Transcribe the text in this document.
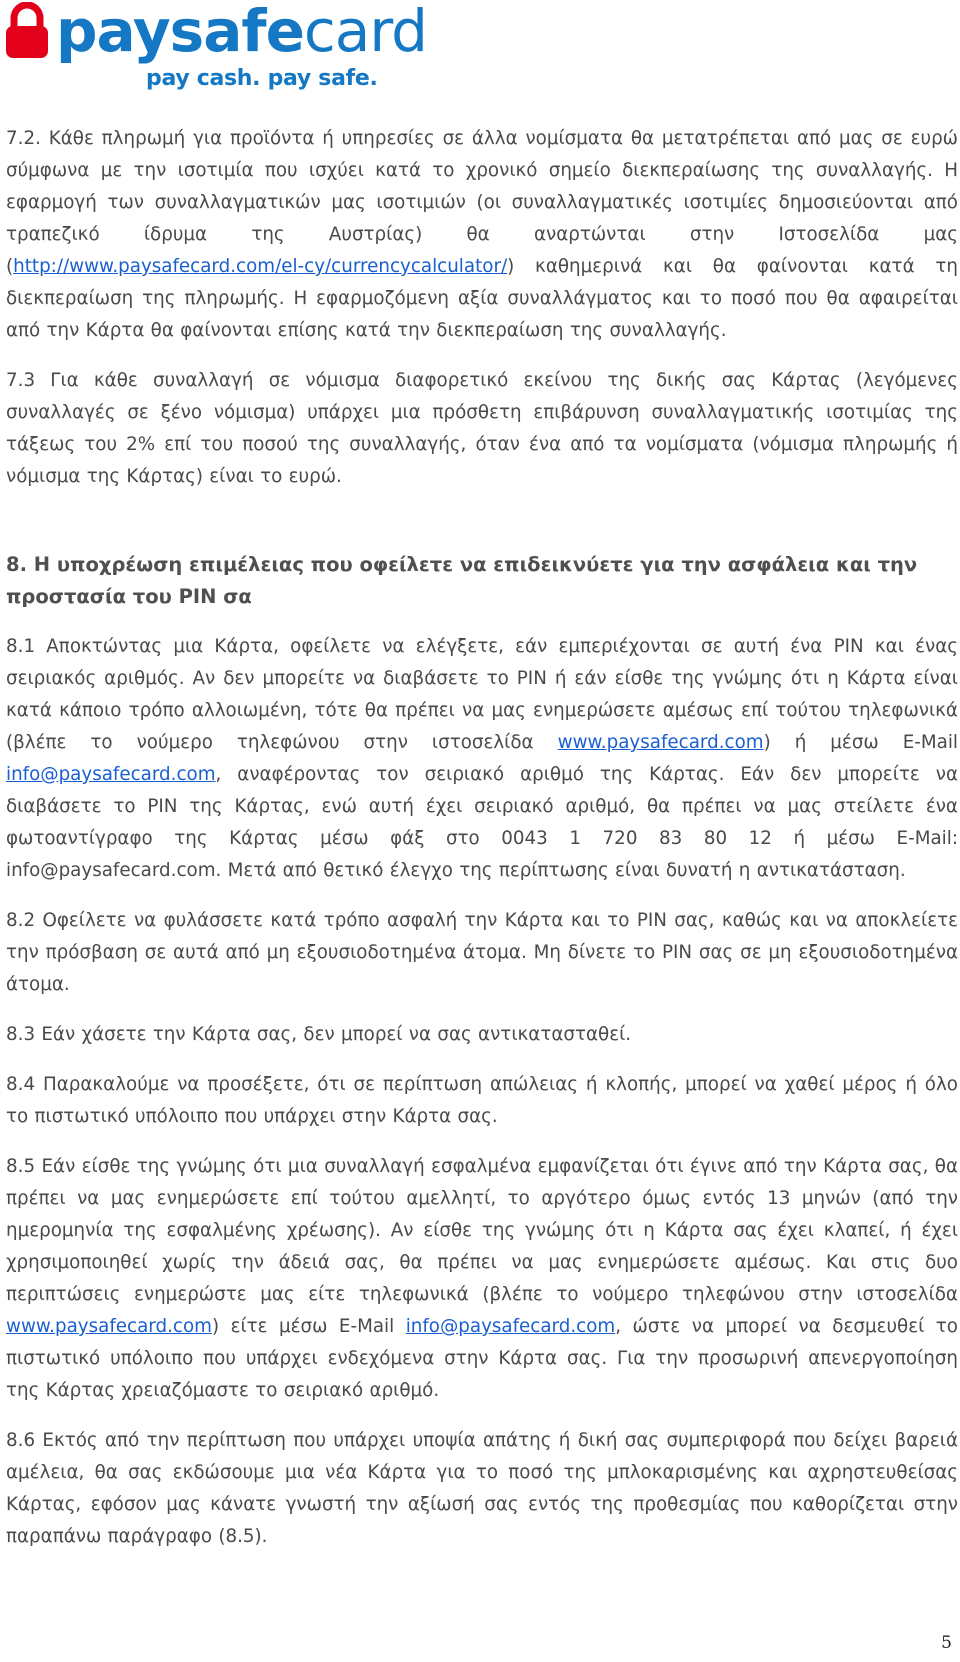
paysafecard
pay cash. pay safe.

7.2. Κάθε πληρωμή για προϊόντα ή υπηρεσίες σε άλλα νομίσματα θα μετατρέπεται από μας σε ευρώ σύμφωνα με την ισοτιμία που ισχύει κατά το χρονικό σημείο διεκπεραίωσης της συναλλαγής. Η εφαρμογή των συναλλαγματικών μας ισοτιμιών (οι συναλλαγματικές ισοτιμίες δημοσιεύονται από τραπεζικό ίδρυμα της Αυστρίας) θα αναρτώνται στην Ιστοσελίδα μας (http://www.paysafecard.com/el-cy/currencycalculator/) καθημερινά και θα φαίνονται κατά τη διεκπεραίωση της πληρωμής. Η εφαρμοζόμενη αξία συναλλάγματος και το ποσό που θα αφαιρείται από την Κάρτα θα φαίνονται επίσης κατά την διεκπεραίωση της συναλλαγής.

7.3 Για κάθε συναλλαγή σε νόμισμα διαφορετικό εκείνου της δικής σας Κάρτας (λεγόμενες συναλλαγές σε ξένο νόμισμα) υπάρχει μια πρόσθετη επιβάρυνση συναλλαγματικής ισοτιμίας της τάξεως του 2% επί του ποσού της συναλλαγής, όταν ένα από τα νομίσματα (νόμισμα πληρωμής ή νόμισμα της Κάρτας) είναι το ευρώ.

8. Η υποχρέωση επιμέλειας που οφείλετε να επιδεικνύετε για την ασφάλεια και την προστασία του PIN σα

8.1 Αποκτώντας μια Κάρτα, οφείλετε να ελέγξετε, εάν εμπεριέχονται σε αυτή ένα PIN και ένας σειριακός αριθμός. Αν δεν μπορείτε να διαβάσετε το PIN ή εάν είσθε της γνώμης ότι η Κάρτα είναι κατά κάποιο τρόπο αλλοιωμένη, τότε θα πρέπει να μας ενημερώσετε αμέσως επί τούτου τηλεφωνικά (βλέπε το νούμερο τηλεφώνου στην ιστοσελίδα www.paysafecard.com) ή μέσω E-Mail info@paysafecard.com, αναφέροντας τον σειριακό αριθμό της Κάρτας. Εάν δεν μπορείτε να διαβάσετε το PIN της Κάρτας, ενώ αυτή έχει σειριακό αριθμό, θα πρέπει να μας στείλετε ένα φωτοαντίγραφο της Κάρτας μέσω φάξ στο 0043 1 720 83 80 12 ή μέσω E-Mail: info@paysafecard.com. Μετά από θετικό έλεγχο της περίπτωσης είναι δυνατή η αντικατάσταση.

8.2 Οφείλετε να φυλάσσετε κατά τρόπο ασφαλή την Κάρτα και το PIN σας, καθώς και να αποκλείετε την πρόσβαση σε αυτά από μη εξουσιοδοτημένα άτομα. Μη δίνετε το PIN σας σε μη εξουσιοδοτημένα άτομα.

8.3 Εάν χάσετε την Κάρτα σας, δεν μπορεί να σας αντικατασταθεί.

8.4 Παρακαλούμε να προσέξετε, ότι σε περίπτωση απώλειας ή κλοπής, μπορεί να χαθεί μέρος ή όλο το πιστωτικό υπόλοιπο που υπάρχει στην Κάρτα σας.

8.5 Εάν είσθε της γνώμης ότι μια συναλλαγή εσφαλμένα εμφανίζεται ότι έγινε από την Κάρτα σας, θα πρέπει να μας ενημερώσετε επί τούτου αμελλητί, το αργότερο όμως εντός 13 μηνών (από την ημερομηνία της εσφαλμένης χρέωσης). Αν είσθε της γνώμης ότι η Κάρτα σας έχει κλαπεί, ή έχει χρησιμοποιηθεί χωρίς την άδειά σας, θα πρέπει να μας ενημερώσετε αμέσως. Και στις δυο περιπτώσεις ενημερώστε μας είτε τηλεφωνικά (βλέπε το νούμερο τηλεφώνου στην ιστοσελίδα www.paysafecard.com) είτε μέσω E-Mail info@paysafecard.com, ώστε να μπορεί να δεσμευθεί το πιστωτικό υπόλοιπο που υπάρχει ενδεχόμενα στην Κάρτα σας. Για την προσωρινή απενεργοποίηση της Κάρτας χρειαζόμαστε το σειριακό αριθμό.

8.6 Εκτός από την περίπτωση που υπάρχει υποψία απάτης ή δική σας συμπεριφορά που δείχει βαρειά αμέλεια, θα σας εκδώσουμε μια νέα Κάρτα για το ποσό της μπλοκαρισμένης και αχρηστευθείσας Κάρτας, εφόσον μας κάνατε γνωστή την αξίωσή σας εντός της προθεσμίας που καθορίζεται στην παραπάνω παράγραφο (8.5).

5
